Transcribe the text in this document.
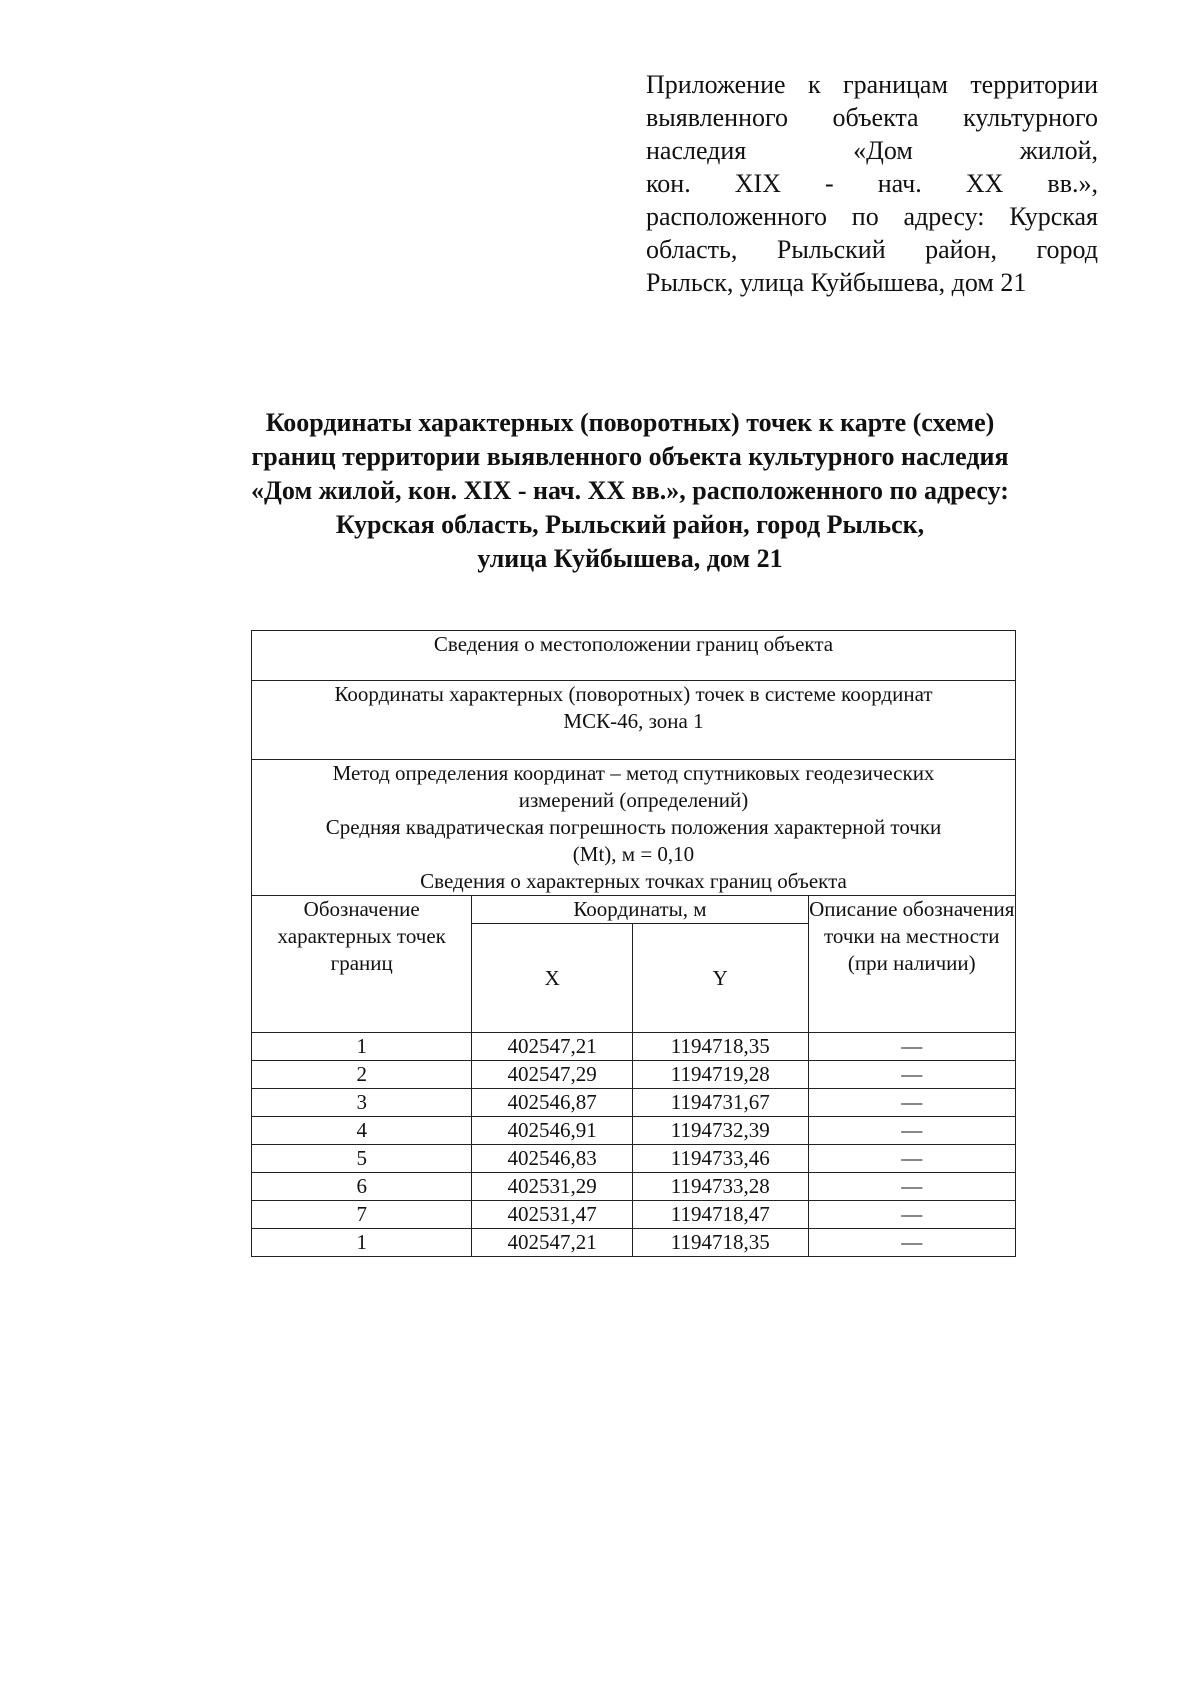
Приложение к границам территории
выявленного объекта культурного
наследия «Дом жилой,
кон. XIX - нач. XX вв.»,
расположенного по адресу: Курская
область, Рыльский район, город
Рыльск, улица Куйбышева, дом 21
Координаты характерных (поворотных) точек к карте (схеме)
границ территории выявленного объекта культурного наследия
«Дом жилой, кон. XIX - нач. XX вв.», расположенного по адресу:
Курская область, Рыльский район, город Рыльск,
улица Куйбышева, дом 21
Сведения о местоположении границ объекта			

Координаты характерных (поворотных) точек в системе координат
МСК-46, зона 1			

Метод определения координат – метод спутниковых геодезических
измерений (определений)
Средняя квадратическая погрешность положения характерной точки
(Mt), м = 0,10
Сведения о характерных точках границ объекта			

Обозначение характерных точек границ	Координаты, м		Описание обозначения точки на местности (при наличии)
	X	Y	
1	402547,21	1194718,35	—
2	402547,29	1194719,28	—
3	402546,87	1194731,67	—
4	402546,91	1194732,39	—
5	402546,83	1194733,46	—
6	402531,29	1194733,28	—
7	402531,47	1194718,47	—
1	402547,21	1194718,35	—
